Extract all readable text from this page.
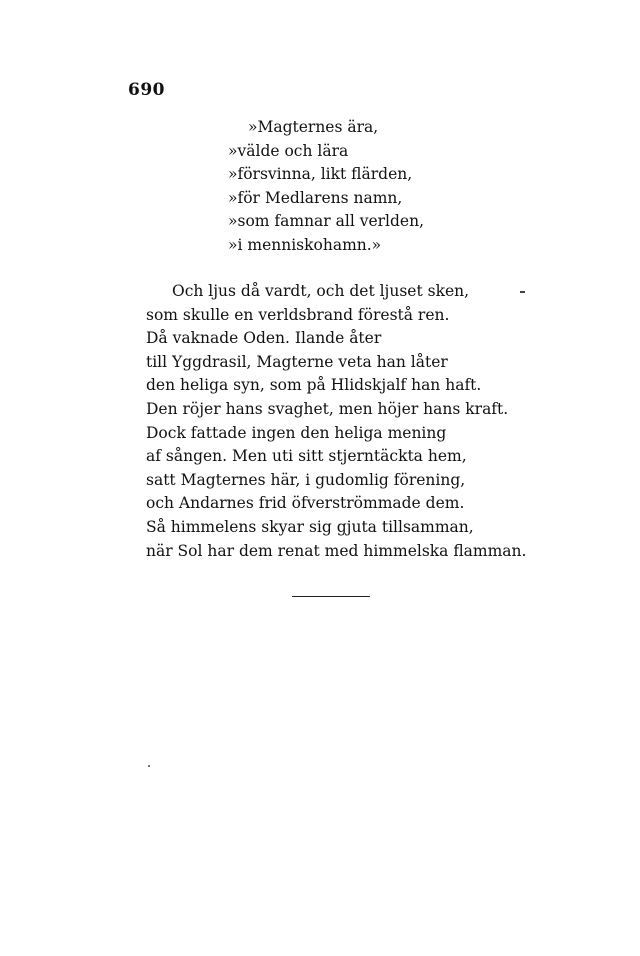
690
»Magternes ära,
»välde och lära
»försvinna, likt flärden,
»för Medlarens namn,
»som famnar all verlden,
»i menniskohamn.»
Och ljus då vardt, och det ljuset sken,
som skulle en verldsbrand förestå ren.
Då vaknade Oden. Ilande åter
till Yggdrasil, Magterne veta han låter
den heliga syn, som på Hlidskjalf han haft.
Den röjer hans svaghet, men höjer hans kraft.
Dock fattade ingen den heliga mening
af sången. Men uti sitt stjerntäckta hem,
satt Magternes här, i gudomlig förening,
och Andarnes frid öfverströmmade dem.
Så himmelens skyar sig gjuta tillsamman,
när Sol har dem renat med himmelska flamman.
